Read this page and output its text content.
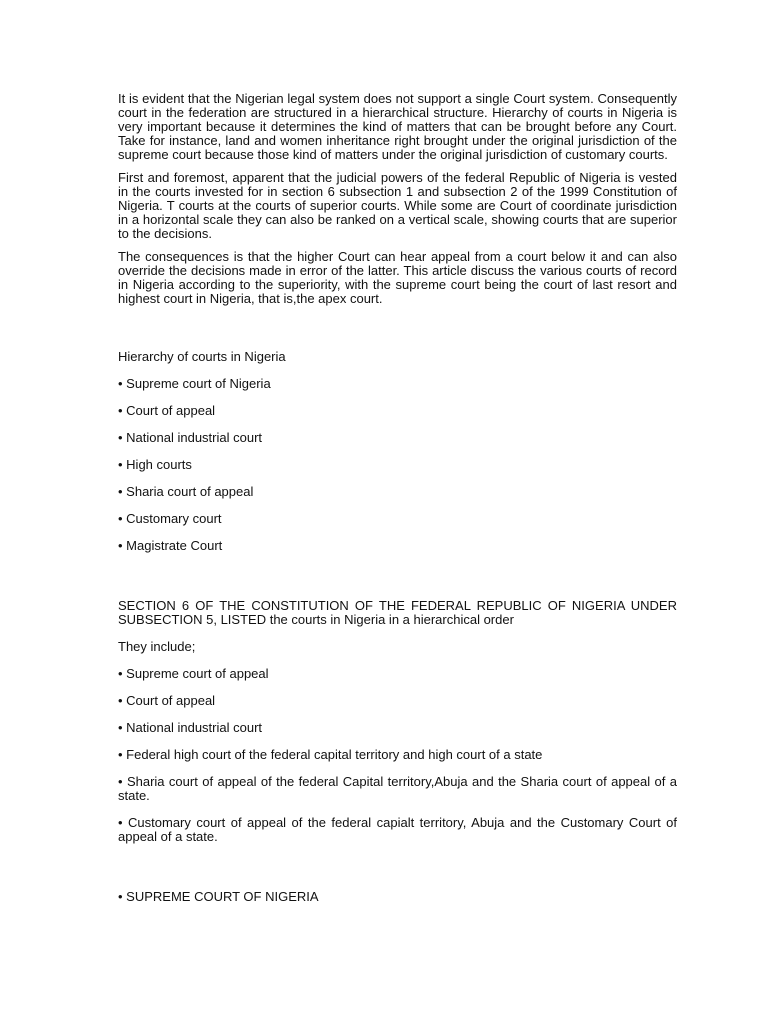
It is evident that the Nigerian legal system does not support a single Court system. Consequently court in the federation are structured in a hierarchical structure. Hierarchy of courts in Nigeria is very important because it determines the kind of matters that can be brought before any Court. Take for instance, land and women inheritance right brought under the original jurisdiction of the supreme court because those kind of matters under the original jurisdiction of customary courts.

First and foremost, apparent that the judicial powers of the federal Republic of Nigeria is vested in the courts invested for in section 6 subsection 1 and subsection 2 of the 1999 Constitution of Nigeria. T courts at the courts of superior courts. While some are Court of coordinate jurisdiction in a horizontal scale they can also be ranked on a vertical scale, showing courts that are superior to the decisions.

The consequences is that the higher Court can hear appeal from a court below it and can also override the decisions made in error of the latter. This article discuss the various courts of record in Nigeria according to the superiority, with the supreme court being the court of last resort and highest court in Nigeria, that is,the apex court.

Hierarchy of courts in Nigeria
• Supreme court of Nigeria
• Court of appeal
• National industrial court
• High courts
• Sharia court of appeal
• Customary court
• Magistrate Court
SECTION 6 OF THE CONSTITUTION OF THE FEDERAL REPUBLIC OF NIGERIA UNDER SUBSECTION 5, LISTED the courts in Nigeria in a hierarchical order
They include;
• Supreme court of appeal
• Court of appeal
• National industrial court
• Federal high court of the federal capital territory and high court of a state
• Sharia court of appeal of the federal Capital territory,Abuja and the Sharia court of appeal of a state.
• Customary court of appeal of the federal capialt territory, Abuja and the Customary Court of appeal of a state.
• SUPREME COURT OF NIGERIA
